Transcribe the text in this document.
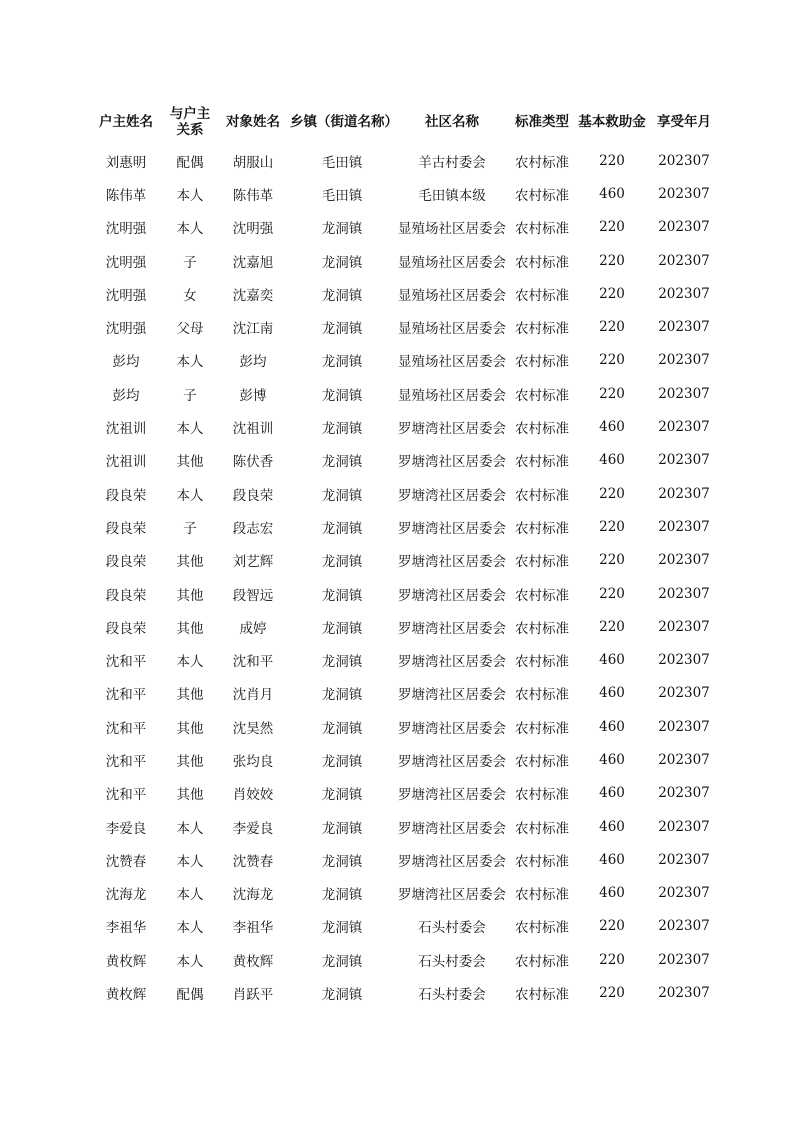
户主姓名	与户主关系	对象姓名	乡镇（街道名称）	社区名称	标准类型	基本救助金	享受年月
刘惠明	配偶	胡服山	毛田镇	羊古村委会	农村标准	220	202307
陈伟革	本人	陈伟革	毛田镇	毛田镇本级	农村标准	460	202307
沈明强	本人	沈明强	龙洞镇	显殖场社区居委会	农村标准	220	202307
沈明强	子	沈嘉旭	龙洞镇	显殖场社区居委会	农村标准	220	202307
沈明强	女	沈嘉奕	龙洞镇	显殖场社区居委会	农村标准	220	202307
沈明强	父母	沈江南	龙洞镇	显殖场社区居委会	农村标准	220	202307
彭均	本人	彭均	龙洞镇	显殖场社区居委会	农村标准	220	202307
彭均	子	彭博	龙洞镇	显殖场社区居委会	农村标准	220	202307
沈祖训	本人	沈祖训	龙洞镇	罗塘湾社区居委会	农村标准	460	202307
沈祖训	其他	陈伏香	龙洞镇	罗塘湾社区居委会	农村标准	460	202307
段良荣	本人	段良荣	龙洞镇	罗塘湾社区居委会	农村标准	220	202307
段良荣	子	段志宏	龙洞镇	罗塘湾社区居委会	农村标准	220	202307
段良荣	其他	刘艺辉	龙洞镇	罗塘湾社区居委会	农村标准	220	202307
段良荣	其他	段智远	龙洞镇	罗塘湾社区居委会	农村标准	220	202307
段良荣	其他	成婷	龙洞镇	罗塘湾社区居委会	农村标准	220	202307
沈和平	本人	沈和平	龙洞镇	罗塘湾社区居委会	农村标准	460	202307
沈和平	其他	沈肖月	龙洞镇	罗塘湾社区居委会	农村标准	460	202307
沈和平	其他	沈昊然	龙洞镇	罗塘湾社区居委会	农村标准	460	202307
沈和平	其他	张均良	龙洞镇	罗塘湾社区居委会	农村标准	460	202307
沈和平	其他	肖姣姣	龙洞镇	罗塘湾社区居委会	农村标准	460	202307
李爱良	本人	李爱良	龙洞镇	罗塘湾社区居委会	农村标准	460	202307
沈赞春	本人	沈赞春	龙洞镇	罗塘湾社区居委会	农村标准	460	202307
沈海龙	本人	沈海龙	龙洞镇	罗塘湾社区居委会	农村标准	460	202307
李祖华	本人	李祖华	龙洞镇	石头村委会	农村标准	220	202307
黄枚辉	本人	黄枚辉	龙洞镇	石头村委会	农村标准	220	202307
黄枚辉	配偶	肖跃平	龙洞镇	石头村委会	农村标准	220	202307
